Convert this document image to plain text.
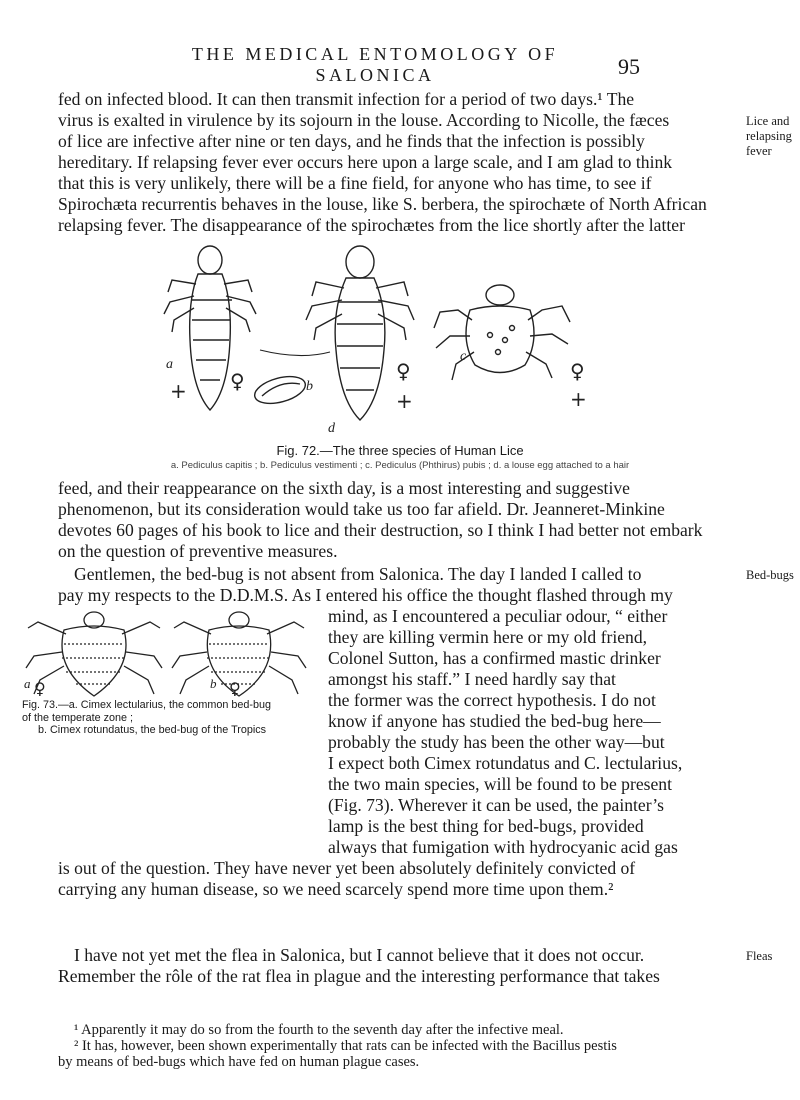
THE MEDICAL ENTOMOLOGY OF SALONICA	95

fed on infected blood. It can then transmit infection for a period of two days.¹ The

virus is exalted in virulence by its sojourn in the louse. According to Nicolle, the fæces

of lice are infective after nine or ten days, and he finds that the infection is possibly

hereditary. If relapsing fever ever occurs here upon a large scale, and I am glad to think

that this is very unlikely, there will be a fine field, for anyone who has time, to see if

Spirochæta recurrentis behaves in the louse, like S. berbera, the spirochæte of North African

relapsing fever. The disappearance of the spirochætes from the lice shortly after the latter

Lice and relapsing fever
a
b
c
d
+ ♀	♀
+
♀
+
Fig. 72.—The three species of Human Lice
a. Pediculus capitis ; b. Pediculus vestimenti ; c. Pediculus (Phthirus) pubis ; d. a louse egg attached to a hair

feed, and their reappearance on the sixth day, is a most interesting and suggestive

phenomenon, but its consideration would take us too far afield. Dr. Jeanneret-Minkine

devotes 60 pages of his book to lice and their destruction, so I think I had better not embark

on the question of preventive measures.

Gentlemen, the bed-bug is not absent from Salonica. The day I landed I called to

pay my respects to the D.D.M.S. As I entered his office the thought flashed through my

mind, as I encountered a peculiar odour, “ either

they are killing vermin here or my old friend,

Colonel Sutton, has a confirmed mastic drinker

amongst his staff.” I need hardly say that

the former was the correct hypothesis. I do not

know if anyone has studied the bed-bug here—

probably the study has been the other way—but

I expect both Cimex rotundatus and C. lectularius,

the two main species, will be found to be present

(Fig. 73). Wherever it can be used, the painter’s

lamp is the best thing for bed-bugs, provided

always that fumigation with hydrocyanic acid gas

is out of the question. They have never yet been absolutely definitely convicted of

carrying any human disease, so we need scarcely spend more time upon them.²

Bed-bugs
a	b
♀	♀

Fig. 73.—a. Cimex lectularius, the common bed-bug of the temperate zone ;

b. Cimex rotundatus, the bed-bug of the Tropics

I have not yet met the flea in Salonica, but I cannot believe that it does not occur.

Remember the rôle of the rat flea in plague and the interesting performance that takes

Fleas

¹ Apparently it may do so from the fourth to the seventh day after the infective meal.

² It has, however, been shown experimentally that rats can be infected with the Bacillus pestis

by means of bed-bugs which have fed on human plague cases.
